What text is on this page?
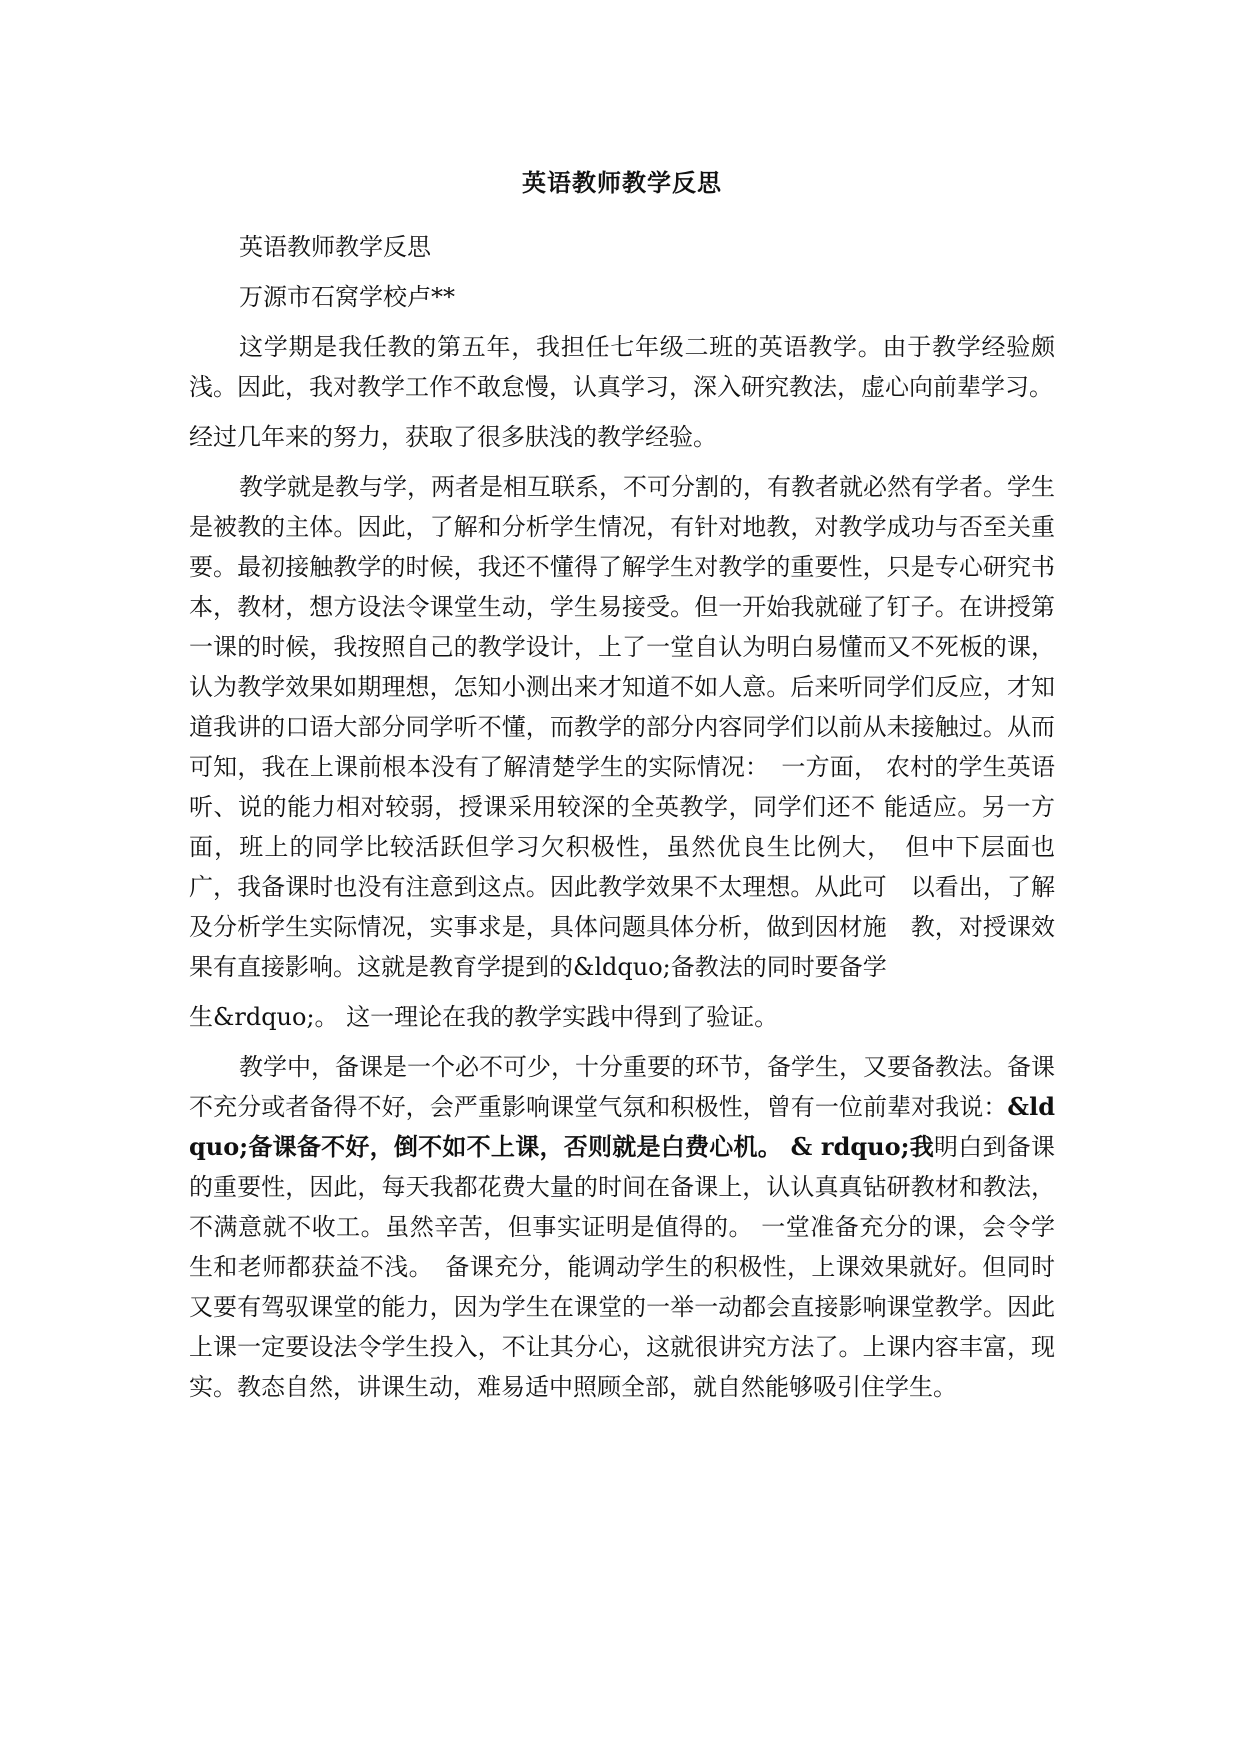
英语教师教学反思

英语教师教学反思

万源市石窝学校卢**

这学期是我任教的第五年，我担任七年级二班的英语教学。由于教学经验颇 浅。因此，我对教学工作不敢怠慢，认真学习，深入研究教法，虚心向前辈学习。

经过几年来的努力，获取了很多肤浅的教学经验。

教学就是教与学，两者是相互联系，不可分割的，有教者就必然有学者。学生是被教的主体。因此，了解和分析学生情况，有针对地教，对教学成功与否至关重要。最初接触教学的时候，我还不懂得了解学生对教学的重要性，只是专心研究书本，教材，想方设法令课堂生动，学生易接受。但一开始我就碰了钉子。在讲授第一课的时候，我按照自己的教学设计，上了一堂自认为明白易懂而又不死板的课，认为教学效果如期理想，怎知小测出来才知道不如人意。后来听同学们反应，才知道我讲的口语大部分同学听不懂，而教学的部分内容同学们以前从未接触过。从而可知，我在上课前根本没有了解清楚学生的实际情况：　一方面， 农村的学生英语听、说的能力相对较弱，授课采用较深的全英教学，同学们还不 能适应。另一方面，班上的同学比较活跃但学习欠积极性，虽然优良生比例大，　但中下层面也广，我备课时也没有注意到这点。因此教学效果不太理想。从此可　以看出，了解及分析学生实际情况，实事求是，具体问题具体分析，做到因材施　教，对授课效果有直接影响。这就是教育学提到的&ldquo;备教法的同时要备学

生&rdquo;。 这一理论在我的教学实践中得到了验证。

教学中，备课是一个必不可少，十分重要的环节，备学生，又要备教法。备课不充分或者备得不好，会严重影响课堂气氛和积极性，曾有一位前辈对我说：&ldquo;备课备不好，倒不如不上课，否则就是白费心机。 & rdquo;我明白到备课的重要性，因此，每天我都花费大量的时间在备课上，认认真真钻研教材和教法，不满意就不收工。虽然辛苦，但事实证明是值得的。 一堂准备充分的课，会令学生和老师都获益不浅。　备课充分，能调动学生的积极性，上课效果就好。但同时又要有驾驭课堂的能力，因为学生在课堂的一举一动都会直接影响课堂教学。因此上课一定要设法令学生投入，不让其分心，这就很讲究方法了。上课内容丰富，现实。教态自然，讲课生动，难易适中照顾全部，就自然能够吸引住学生。
